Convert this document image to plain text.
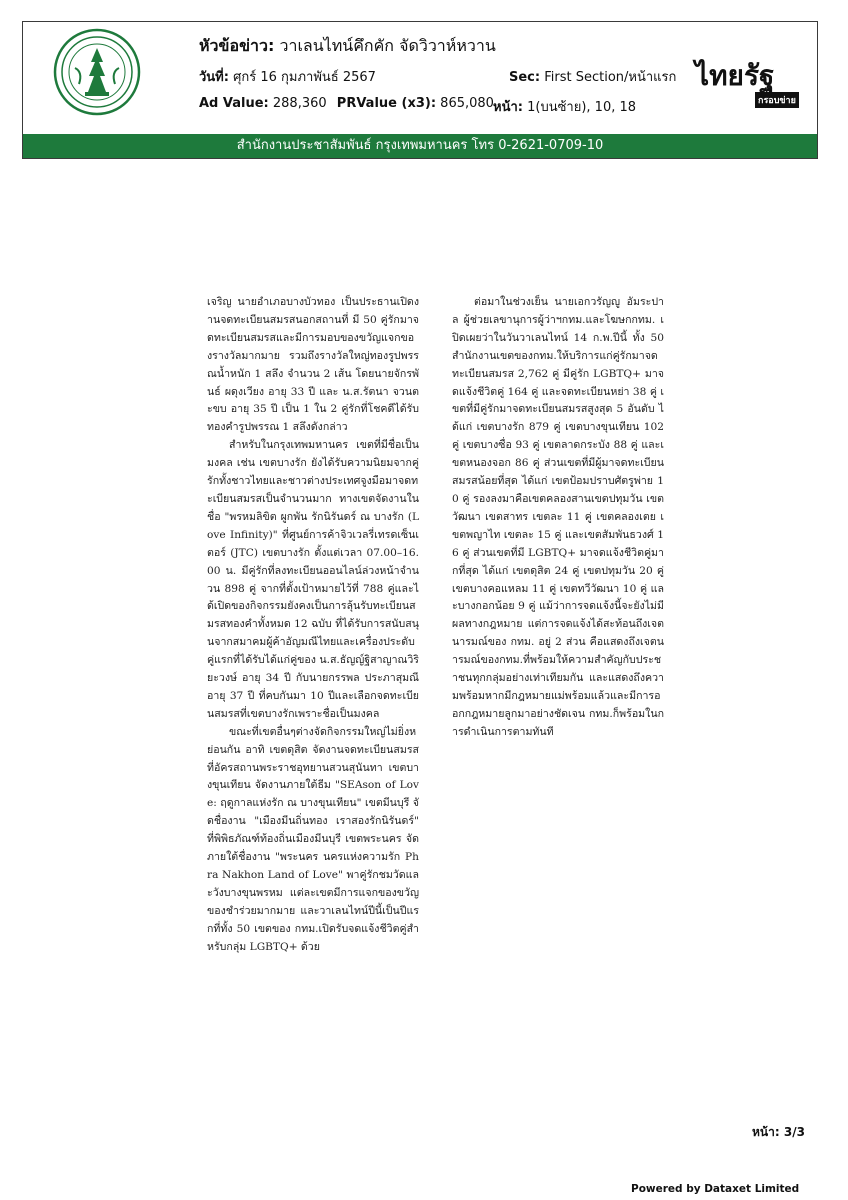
หัวข้อข่าว: วาเลนไทน์คึกคัก จัดวิวาห์หวาน
วันที่: ศุกร์ 16 กุมภาพันธ์ 2567	Sec: First Section/หน้าแรก
Ad Value: 288,360 PRValue (x3): 865,080 หน้า: 1(บนซ้าย), 10, 18
ไทยรัฐ
กรอบข่าย
สำนักงานประชาสัมพันธ์ กรุงเทพมหานคร โทร 0-2621-0709-10

เจริญ นายอำเภอบางบัวทอง เป็นประธานเปิดงานจดทะเบียนสมรสนอกสถานที่ มี 50 คู่รักมาจดทะเบียนสมรสและมีการมอบของขวัญแจกของรางวัลมากมาย รวมถึงรางวัลใหญ่ทองรูปพรรณน้ำหนัก 1 สลึง จำนวน 2 เส้น โดยนายจักรพันธ์ ผดุงเวียง อายุ 33 ปี และ น.ส.รัตนา จวนตะขบ อายุ 35 ปี เป็น 1 ใน 2 คู่รักที่โชคดีได้รับทองคำรูปพรรณ 1 สลึงดังกล่าว

สำหรับในกรุงเทพมหานคร เขตที่มีชื่อเป็นมงคล เช่น เขตบางรัก ยังได้รับความนิยมจากคู่รักทั้งชาวไทยและชาวต่างประเทศจูงมือมาจดทะเบียนสมรสเป็นจำนวนมาก ทางเขตจัดงานในชื่อ "พรหมลิขิต ผูกพัน รักนิรันดร์ ณ บางรัก (Love Infinity)" ที่ศูนย์การค้าจิวเวลรี่เทรดเซ็นเตอร์ (JTC) เขตบางรัก ตั้งแต่เวลา 07.00–16.00 น. มีคู่รักที่ลงทะเบียนออนไลน์ล่วงหน้าจำนวน 898 คู่ จากที่ตั้งเป้าหมายไว้ที่ 788 คู่และได้เปิดของกิจกรรมยังคงเป็นการลุ้นรับทะเบียนสมรสทองคำทั้งหมด 12 ฉบับ ที่ได้รับการสนับสนุนจากสมาคมผู้ค้าอัญมณีไทยและเครื่องประดับ คู่แรกที่ได้รับได้แก่คู่ของ น.ส.ธัญญ์ฐิสาญาณวิริยะวงษ์ อายุ 34 ปี กับนายกรรพล ประภาสุมณี อายุ 37 ปี ที่คบกันมา 10 ปีและเลือกจดทะเบียนสมรสที่เขตบางรักเพราะชื่อเป็นมงคล

ขณะที่เขตอื่นๆต่างจัดกิจกรรมใหญ่ไม่ยิ่งหย่อนกัน อาทิ เขตดุสิต จัดงานจดทะเบียนสมรสที่อัครสถานพระราชอุทยานสวนสุนันทา เขตบางขุนเทียน จัดงานภายใต้ธีม "SEAson of Love: ฤดูกาลแห่งรัก ณ บางขุนเทียน" เขตมีนบุรี จัดชื่องาน "เมืองมีนถิ่นทอง เราสองรักนิรันดร์" ที่พิพิธภัณฑ์ท้องถิ่นเมืองมีนบุรี เขตพระนคร จัดภายใต้ชื่องาน "พระนคร นครแห่งความรัก Phra Nakhon Land of Love" พาคู่รักชมวัดและวังบางขุนพรหม แต่ละเขตมีการแจกของขวัญของชำร่วยมากมาย และวาเลนไทน์ปีนี้เป็นปีแรกที่ทั้ง 50 เขตของ กทม.เปิดรับจดแจ้งชีวิตคู่สำหรับกลุ่ม LGBTQ+ ด้วย

ต่อมาในช่วงเย็น นายเอกวรัญญู อัมระปาล ผู้ช่วยเลขานุการผู้ว่าฯกทม.และโฆษกกทม. เปิดเผยว่าในวันวาเลนไทน์ 14 ก.พ.ปีนี้ ทั้ง 50 สำนักงานเขตของกทม.ให้บริการแก่คู่รักมาจดทะเบียนสมรส 2,762 คู่ มีคู่รัก LGBTQ+ มาจดแจ้งชีวิตคู่ 164 คู่ และจดทะเบียนหย่า 38 คู่ เขตที่มีคู่รักมาจดทะเบียนสมรสสูงสุด 5 อันดับ ได้แก่ เขตบางรัก 879 คู่ เขตบางขุนเทียน 102 คู่ เขตบางซื่อ 93 คู่ เขตลาดกระบัง 88 คู่ และเขตหนองจอก 86 คู่ ส่วนเขตที่มีผู้มาจดทะเบียนสมรสน้อยที่สุด ได้แก่ เขตป้อมปราบศัตรูพ่าย 10 คู่ รองลงมาคือเขตคลองสานเขตปทุมวัน เขตวัฒนา เขตสาทร เขตละ 11 คู่ เขตคลองเตย เขตพญาไท เขตละ 15 คู่ และเขตสัมพันธวงศ์ 16 คู่ ส่วนเขตที่มี LGBTQ+ มาจดแจ้งชีวิตคู่มากที่สุด ได้แก่ เขตดุสิต 24 คู่ เขตปทุมวัน 20 คู่ เขตบางคอแหลม 11 คู่ เขตทวีวัฒนา 10 คู่ และบางกอกน้อย 9 คู่ แม้ว่าการจดแจ้งนี้จะยังไม่มีผลทางกฎหมาย แต่การจดแจ้งได้สะท้อนถึงเจตนารมณ์ของ กทม. อยู่ 2 ส่วน คือแสดงถึงเจตนารมณ์ของกทม.ที่พร้อมให้ความสำคัญกับประชาชนทุกกลุ่มอย่างเท่าเทียมกัน และแสดงถึงความพร้อมหากมีกฎหมายแม่พร้อมแล้วและมีการออกกฎหมายลูกมาอย่างชัดเจน กทม.ก็พร้อมในการดำเนินการตามทันที

หน้า: 3/3
Powered by Dataxet Limited
